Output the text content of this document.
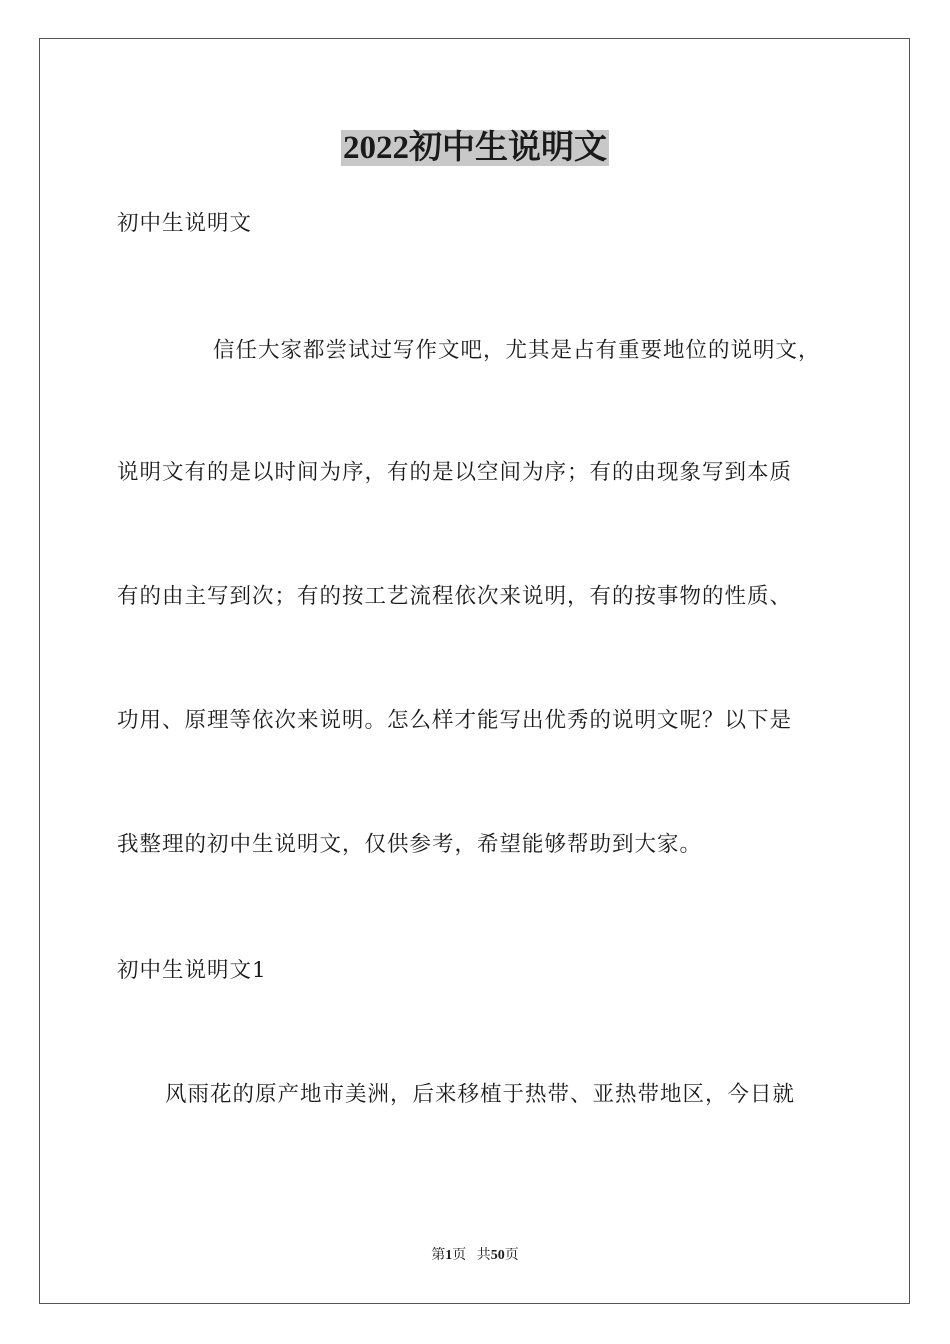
2022初中生说明文
初中生说明文
信任大家都尝试过写作文吧，尤其是占有重要地位的说明文，
说明文有的是以时间为序，有的是以空间为序；有的由现象写到本质
有的由主写到次；有的按工艺流程依次来说明，有的按事物的性质、
功用、原理等依次来说明。怎么样才能写出优秀的说明文呢？以下是
我整理的初中生说明文，仅供参考，希望能够帮助到大家。
初中生说明文1
风雨花的原产地市美洲，后来移植于热带、亚热带地区，今日就
第1页 共50页
